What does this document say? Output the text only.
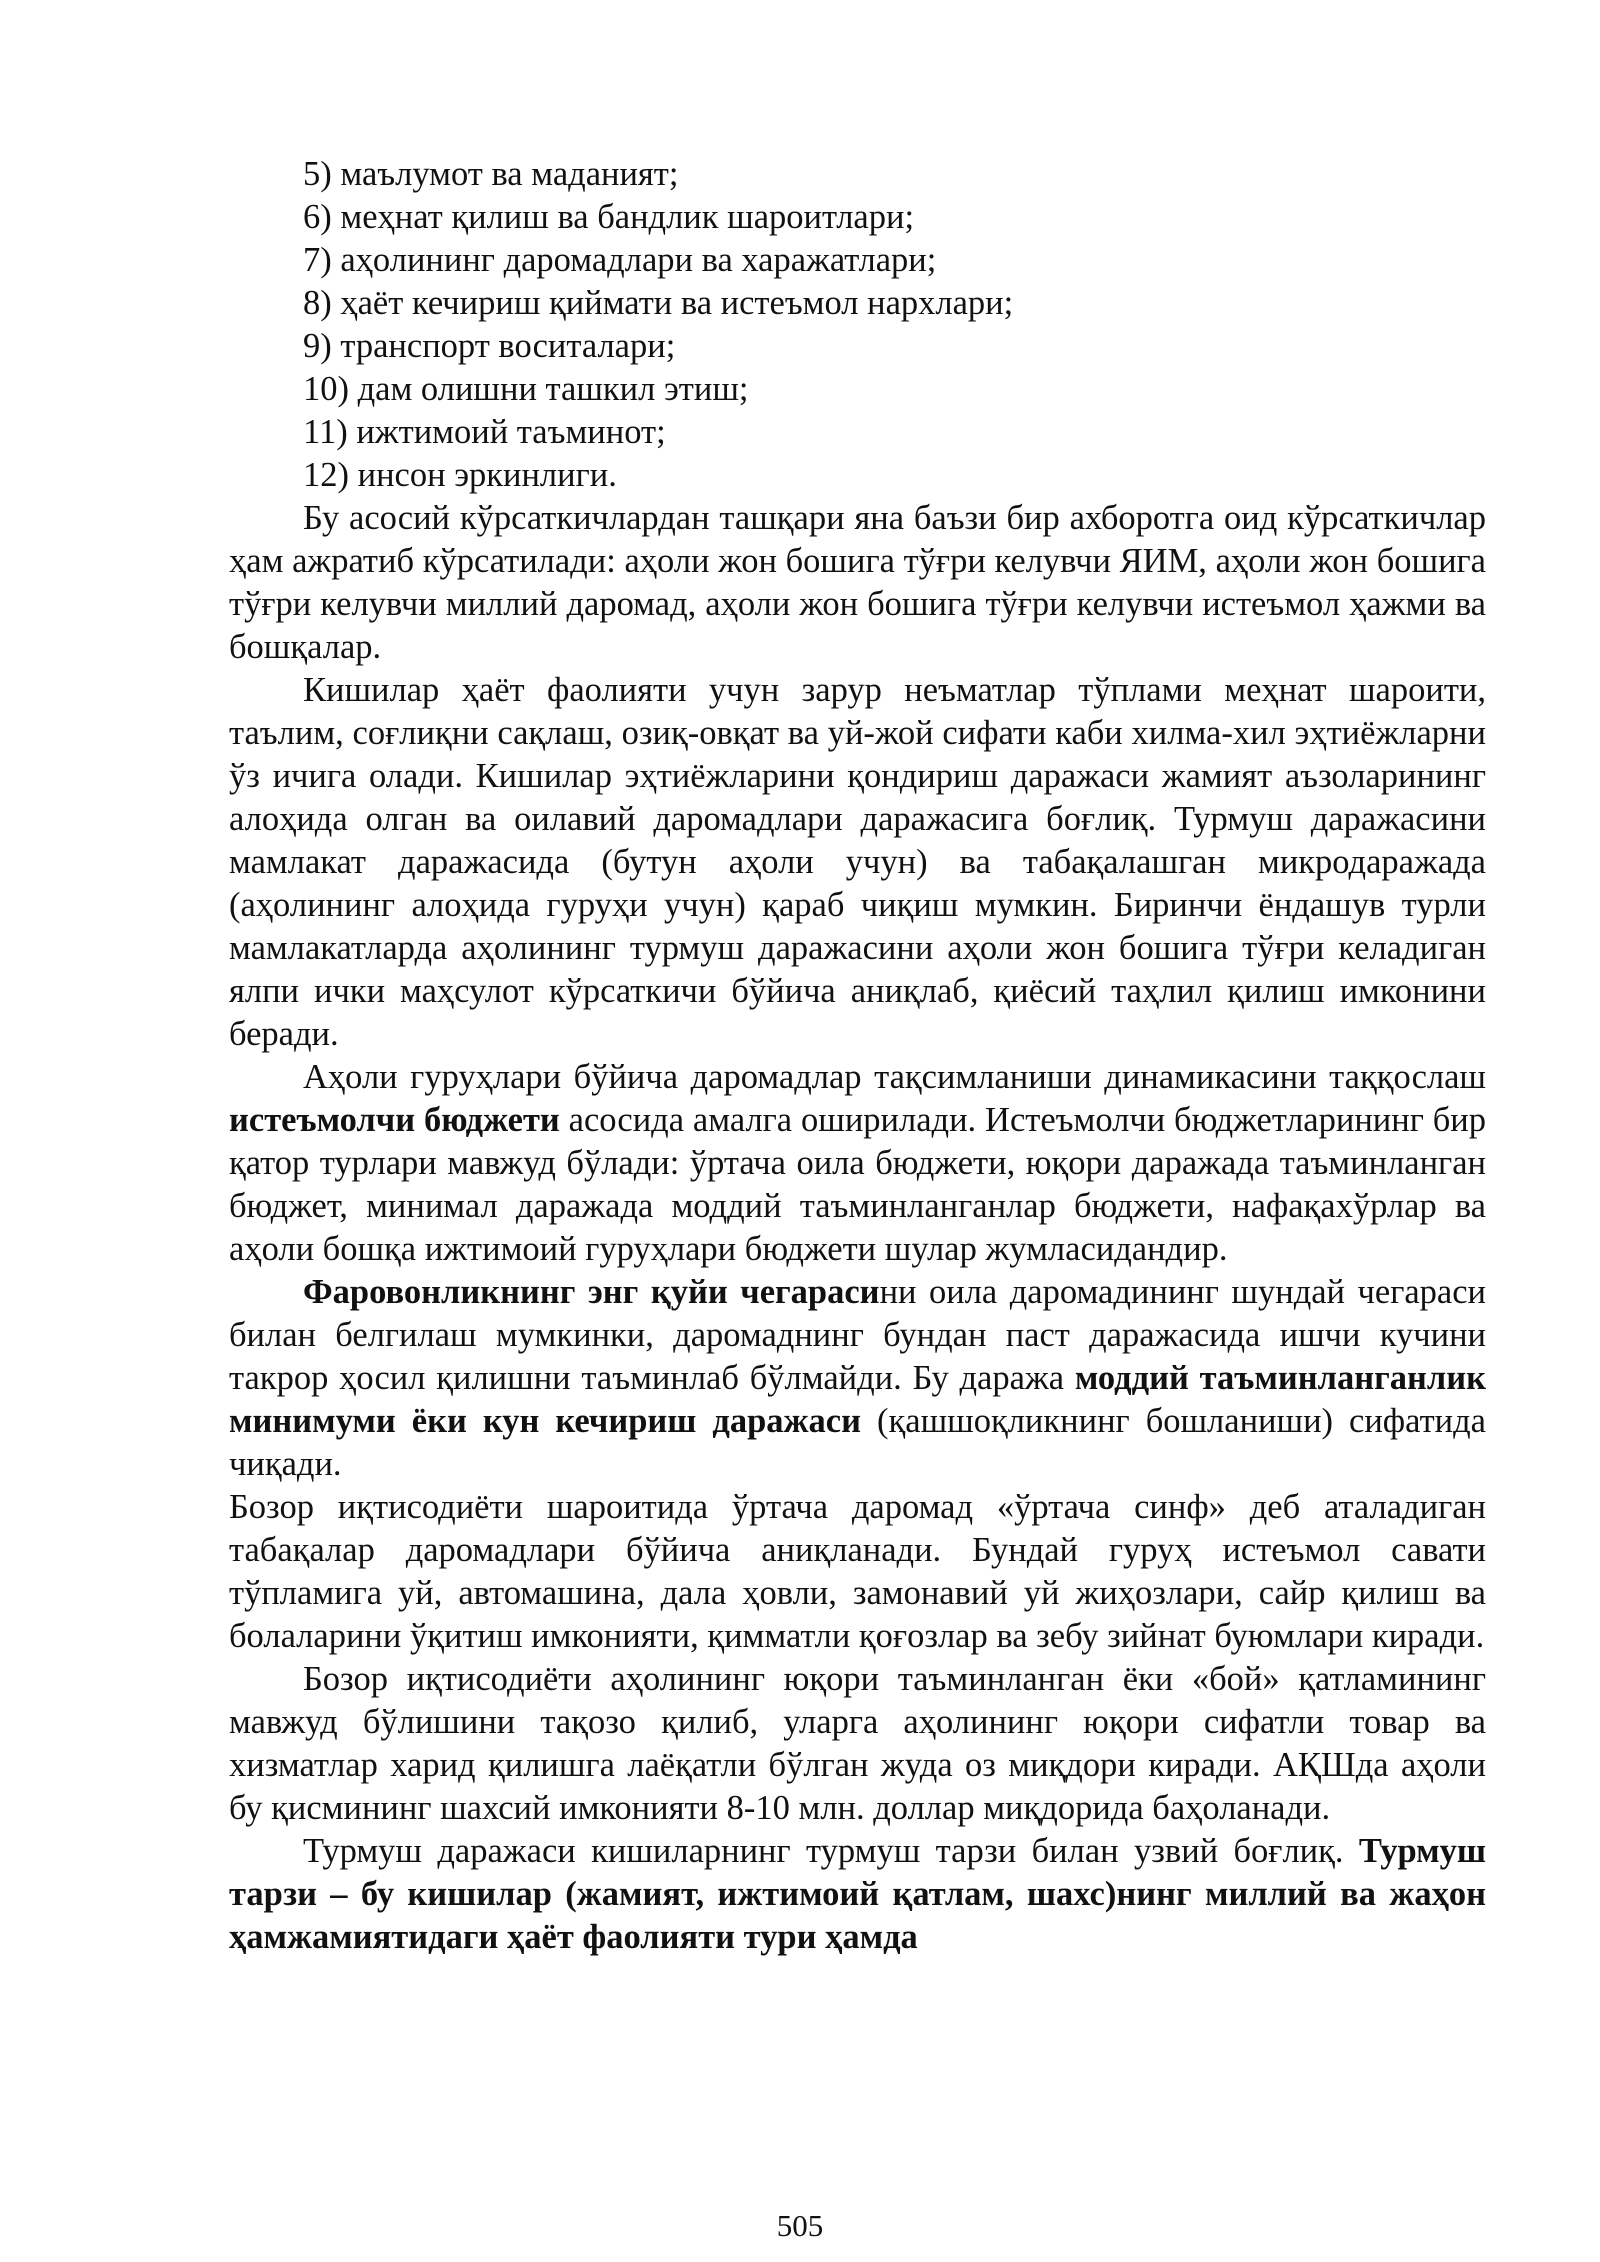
5) маълумот ва маданият;

6) меҳнат қилиш ва бандлик шароитлари;

7) аҳолининг даромадлари ва харажатлари;

8) ҳаёт кечириш қиймати ва истеъмол нархлари;

9) транспорт воситалари;

10) дам олишни ташкил этиш;

11) ижтимоий таъминот;

12) инсон эркинлиги.

Бу асосий кўрсаткичлардан ташқари яна баъзи бир ахборотга оид кўрсаткичлар ҳам ажратиб кўрсатилади: аҳоли жон бошига тўғри келувчи ЯИМ, аҳоли жон бошига тўғри келувчи миллий даромад, аҳоли жон бошига тўғри келувчи истеъмол ҳажми ва бошқалар.

Кишилар ҳаёт фаолияти учун зарур неъматлар тўплами меҳнат шароити, таълим, соғлиқни сақлаш, озиқ-овқат ва уй-жой сифати каби хилма-хил эҳтиёжларни ўз ичига олади. Кишилар эҳтиёжларини қондириш даражаси жамият аъзоларининг алоҳида олган ва оилавий даромадлари даражасига боғлиқ. Турмуш даражасини мамлакат даражасида (бутун аҳоли учун) ва табақалашган микродаражада (аҳолининг алоҳида гуруҳи учун) қараб чиқиш мумкин. Биринчи ёндашув турли мамлакатларда аҳолининг турмуш даражасини аҳоли жон бошига тўғри келадиган ялпи ички маҳсулот кўрсаткичи бўйича аниқлаб, қиёсий таҳлил қилиш имконини беради.

Аҳоли гуруҳлари бўйича даромадлар тақсимланиши динамикасини таққослаш истеъмолчи бюджети асосида амалга оширилади. Истеъмолчи бюджетларининг бир қатор турлари мавжуд бўлади: ўртача оила бюджети, юқори даражада таъминланган бюджет, минимал даражада моддий таъминланганлар бюджети, нафақахўрлар ва аҳоли бошқа ижтимоий гуруҳлари бюджети шулар жумласидандир.

Фаровонликнинг энг қуйи чегарасини оила даромадининг шундай чегараси билан белгилаш мумкинки, даромаднинг бундан паст даражасида ишчи кучини такрор ҳосил қилишни таъминлаб бўлмайди. Бу даража моддий таъминланганлик минимуми ёки кун кечириш даражаси (қашшоқликнинг бошланиши) сифатида чиқади.

Бозор иқтисодиёти шароитида ўртача даромад «ўртача синф» деб аталадиган табақалар даромадлари бўйича аниқланади. Бундай гуруҳ истеъмол савати тўпламига уй, автомашина, дала ҳовли, замонавий уй жиҳозлари, сайр қилиш ва болаларини ўқитиш имконияти, қимматли қоғозлар ва зебу зийнат буюмлари киради.

Бозор иқтисодиёти аҳолининг юқори таъминланган ёки «бой» қатламининг мавжуд бўлишини тақозо қилиб, уларга аҳолининг юқори сифатли товар ва хизматлар харид қилишга лаёқатли бўлган жуда оз миқдори киради. АҚШда аҳоли бу қисмининг шахсий имконияти 8-10 млн. доллар миқдорида баҳоланади.

Турмуш даражаси кишиларнинг турмуш тарзи билан узвий боғлиқ. Турмуш тарзи – бу кишилар (жамият, ижтимоий қатлам, шахс)нинг миллий ва жаҳон ҳамжамиятидаги ҳаёт фаолияти тури ҳамда

505
